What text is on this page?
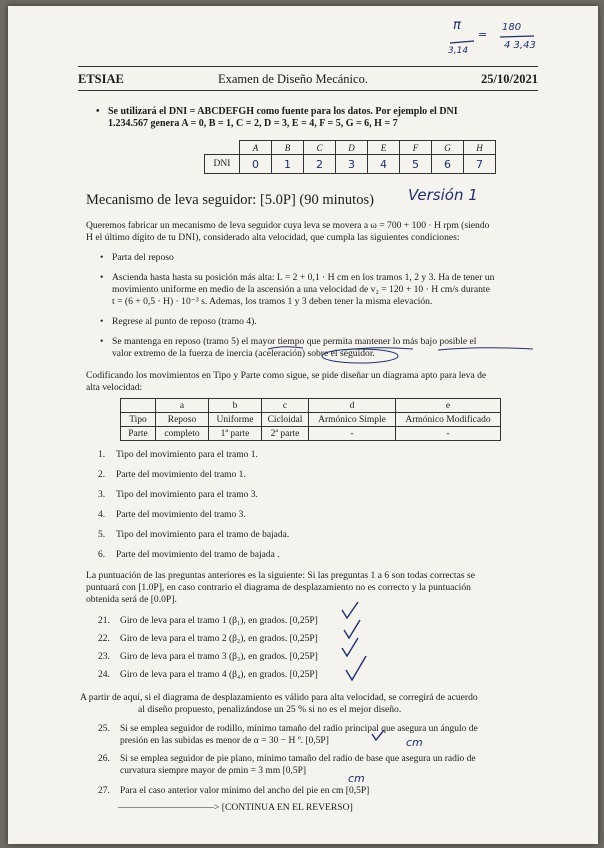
π
3,14
=
180
4 3,43
ETSIAE	Examen de Diseño Mecánico.	25/10/2021
• Se utilizará el DNI = ABCDEFGH como fuente para los datos. Por ejemplo el DNI
1.234.567 genera A = 0, B = 1, C = 2, D = 3, E = 4, F = 5, G = 6, H = 7
	A	B	C	D	E	F	G	H
DNI	0	1	2	3	4	5	6	7
Mecanismo de leva seguidor: [5.0P] (90 minutos) Versión 1
Queremos fabricar un mecanismo de leva seguidor cuya leva se movera a ω = 700 + 100 · H rpm (siendo
H el último dígito de tu DNI), considerado alta velocidad, que cumpla las siguientes condiciones:
• Parta del reposo
• Ascienda hasta hasta su posición más alta: L = 2 + 0,1 · H cm en los tramos 1, 2 y 3. Ha de tener un
movimiento uniforme en medio de la ascensión a una velocidad de v₂ = 120 + 10 · H cm/s durante
t = (6 + 0,5 · H) · 10⁻³ s. Ademas, los tramos 1 y 3 deben tener la misma elevación.
• Regrese al punto de reposo (tramo 4).
• Se mantenga en reposo (tramo 5) el mayor tiempo que permita mantener lo más bajo posible el
valor extremo de la fuerza de inercia (aceleración) sobre el seguidor.
Codificando los movimientos en Tipo y Parte como sigue, se pide diseñar un diagrama apto para leva de
alta velocidad:
	a	b	c	d	e
Tipo	Reposo	Uniforme	Cicloidal	Armónico Simple	Armónico Modificado
Parte	completo	1ª parte	2ª parte	-	-
1. Tipo del movimiento para el tramo 1.
2. Parte del movimiento del tramo 1.
3. Tipo del movimiento para el tramo 3.
4. Parte del movimiento del tramo 3.
5. Tipo del movimiento para el tramo de bajada.
6. Parte del movimiento del tramo de bajada .
La puntuación de las preguntas anteriores es la siguiente: Si las preguntas 1 a 6 son todas correctas se
puntuará con [1.0P], en caso contrario el diagrama de desplazamiento no es correcto y la puntuación
obtenida será de [0.0P].
21. Giro de leva para el tramo 1 (β₁), en grados. [0,25P]
22. Giro de leva para el tramo 2 (β₂), en grados. [0,25P]
23. Giro de leva para el tramo 3 (β₃), en grados. [0,25P]
24. Giro de leva para el tramo 4 (β₄), en grados. [0,25P]
A partir de aquí, si el diagrama de desplazamiento es válido para alta velocidad, se corregirá de acuerdo
al diseño propuesto, penalizándose un 25 % si no es el mejor diseño.
25. Si se emplea seguidor de rodillo, mínimo tamaño del radio principal que asegura un ángulo de
presión en las subidas es menor de α = 30 − H º. [0,5P]	cm
26. Si se emplea seguidor de pie plano, mínimo tamaño del radio de base que asegura un radio de
curvatura siempre mayor de ρmin = 3 mm [0,5P]
cm
27. Para el caso anterior valor mínimo del ancho del pie en cm [0,5P]
——————————> [CONTINUA EN EL REVERSO]
